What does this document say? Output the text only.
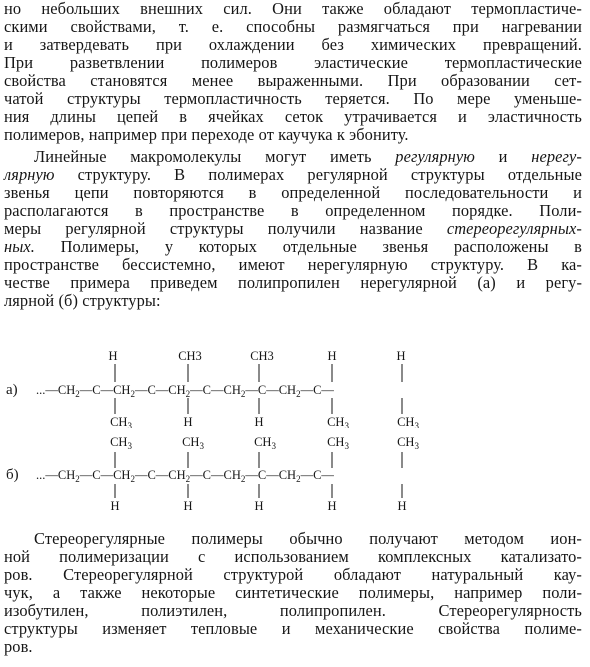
но небольших внешних сил. Они также обладают термопластиче-
скими свойствами, т. е. способны размягчаться при нагревании
и затвердевать при охлаждении без химических превращений.
При разветвлении полимеров эластические термопластические
свойства становятся менее выраженными. При образовании сет-
чатой структуры термопластичность теряется. По мере уменьше-
ния длины цепей в ячейках сеток утрачивается и эластичность
полимеров, например при переходе от каучука к эбониту.
Линейные макромолекулы могут иметь регулярную и нерегу-
лярную структуру. В полимерах регулярной структуры отдельные
звенья цепи повторяются в определенной последовательности и
располагаются в пространстве в определенном порядке. Поли-
меры регулярной структуры получили название стереорегулярных-
ных. Полимеры, у которых отдельные звенья расположены в
пространстве бессистемно, имеют нерегулярную структуру. В ка-
честве примера приведем полипропилен нерегулярной (а) и регу-
лярной (б) структуры:
а)
H	CH3	CH3	H	H
$...—CH_2—C—CH_2—C—CH_2—C—CH_2—C—CH_2—C—$
$CH_3$	H	H	$CH_3$	$CH_3$
б)
$CH_3$	$CH_3$	$CH_3$	$CH_3$	$CH_3$
$...—CH_2—C—CH_2—C—CH_2—C—CH_2—C—CH_2—C—$
H	H	H	H	H
Стереорегулярные полимеры обычно получают методом ион-
ной полимеризации с использованием комплексных катализато-
ров. Стереорегулярной структурой обладают натуральный кау-
чук, а также некоторые синтетические полимеры, например поли-
изобутилен, полиэтилен, полипропилен. Стереорегулярность
структуры изменяет тепловые и механические свойства полиме-
ров.
